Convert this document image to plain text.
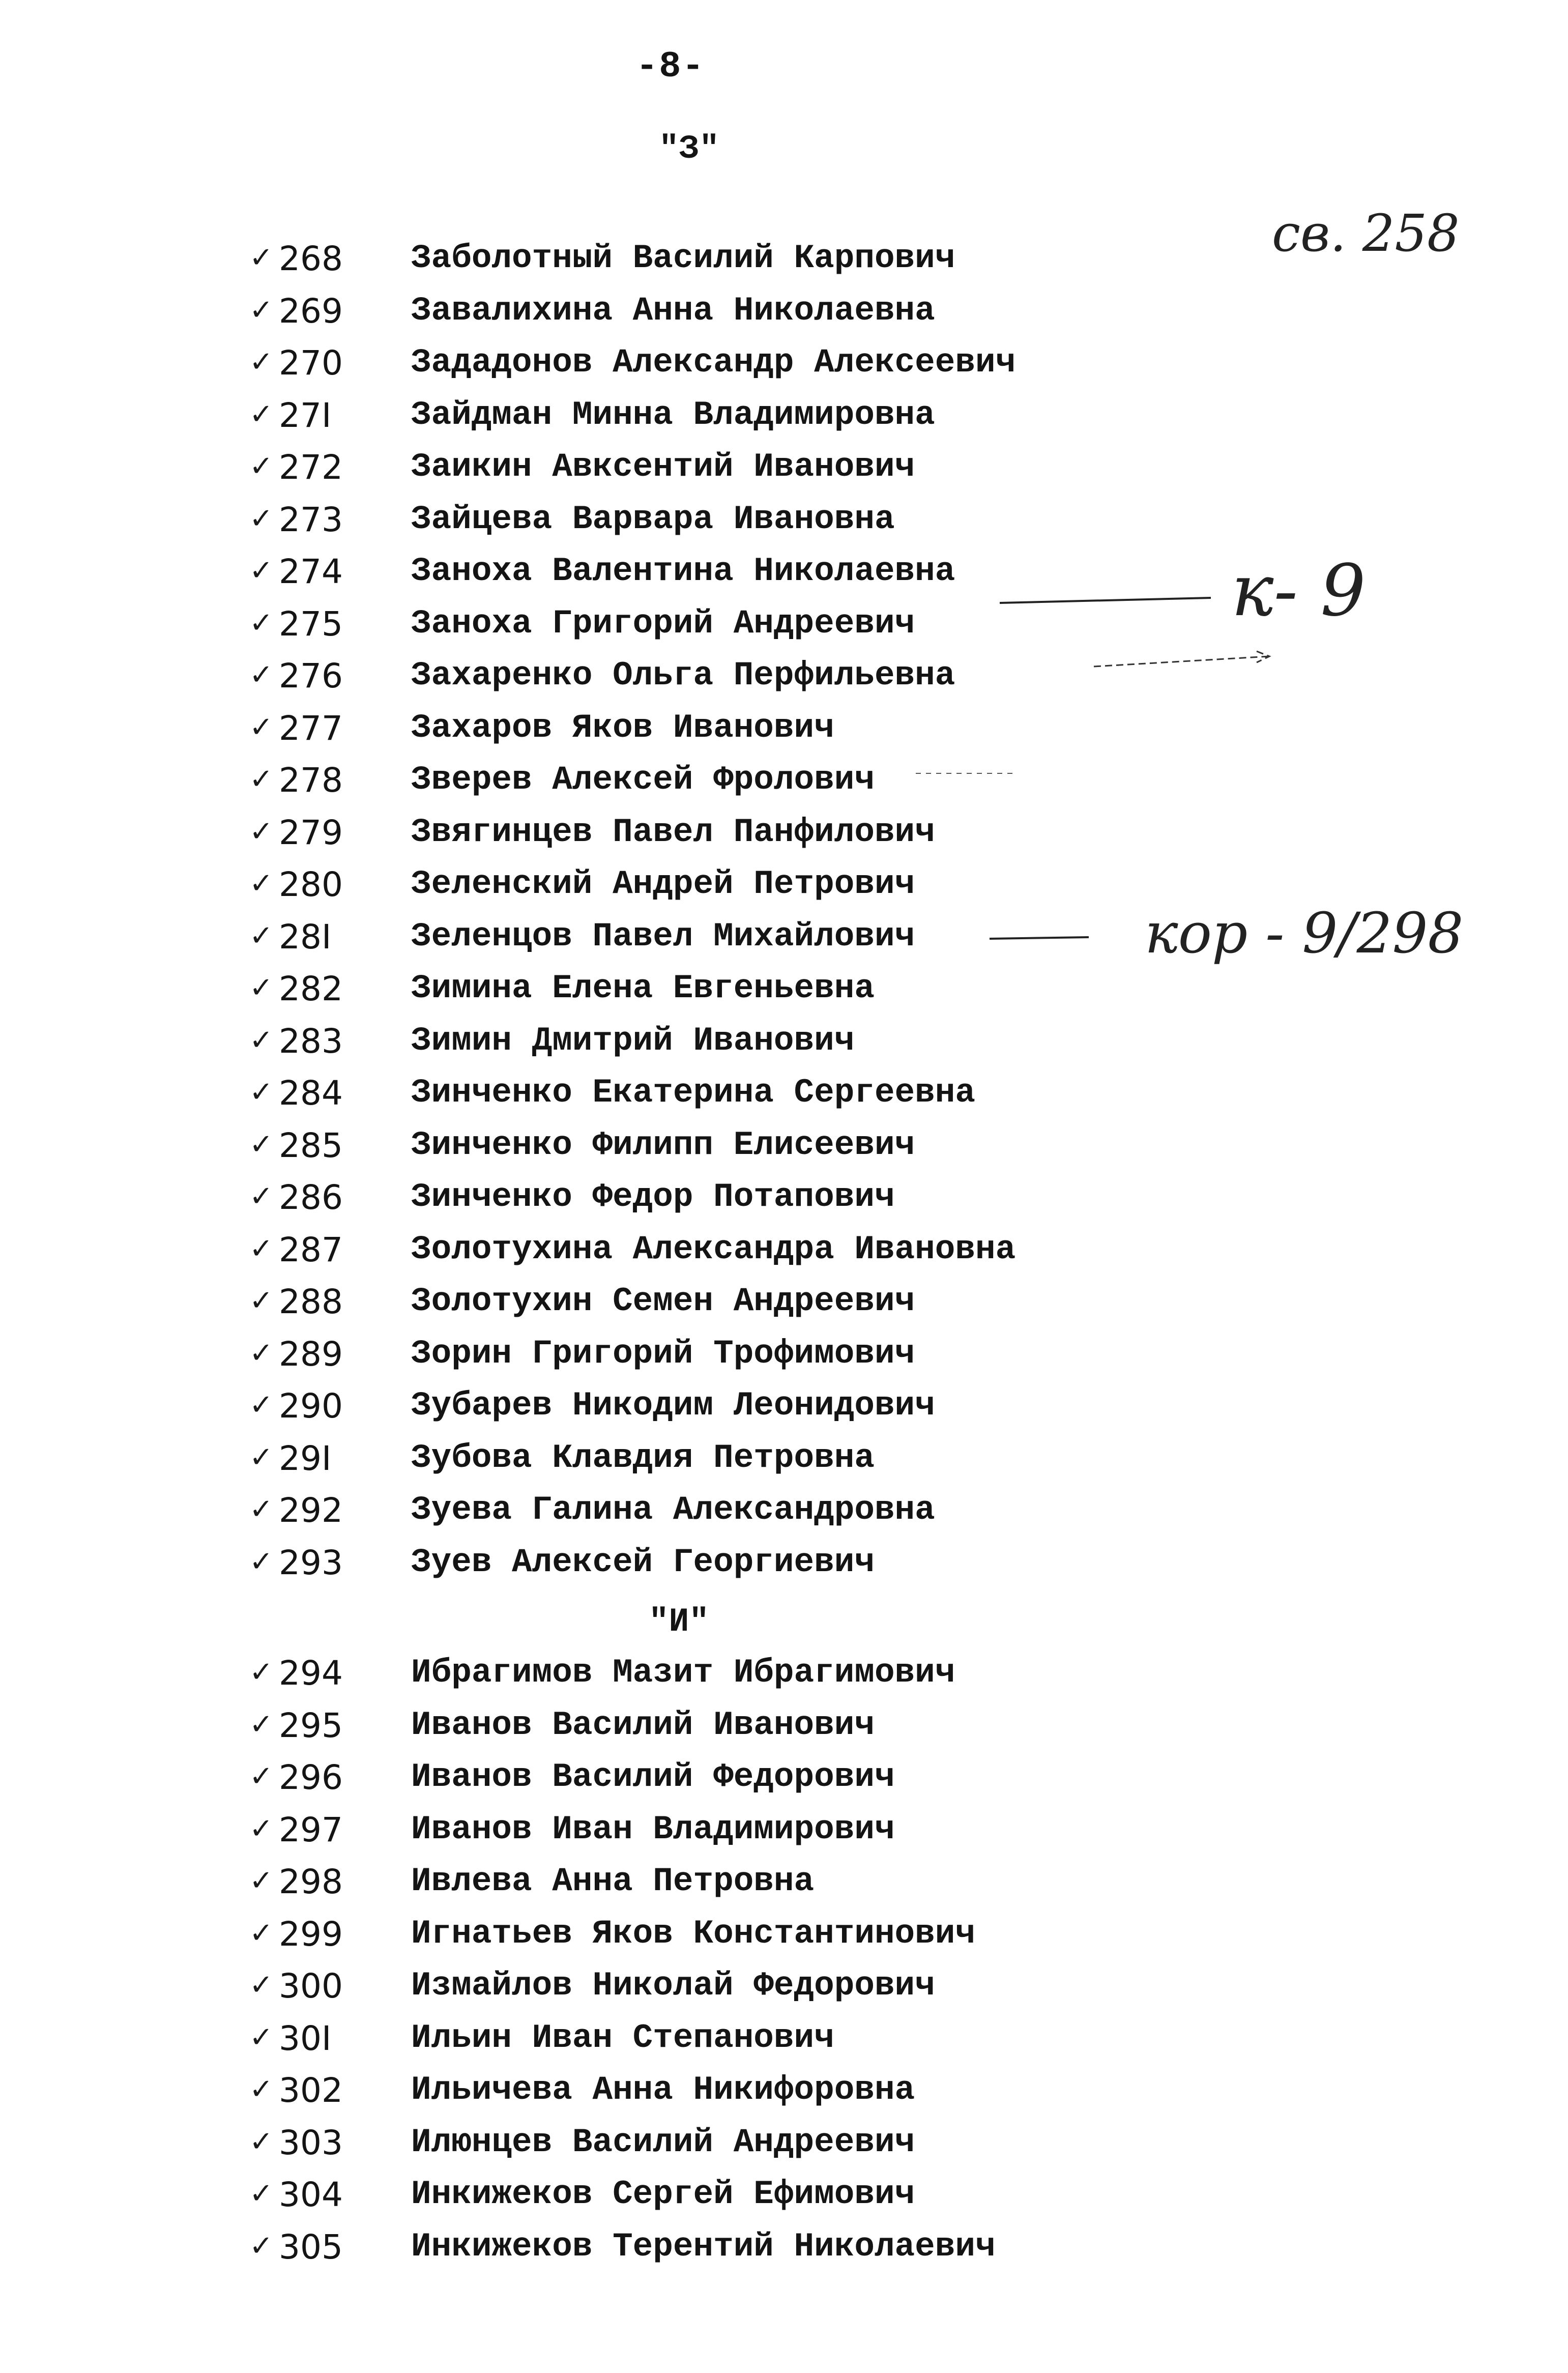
-8-
"З"
"И"
✓ 268 Заболотный Василий Карпович
✓ 269 Завалихина Анна Николаевна
✓ 270 Зададонов Александр Алексеевич
✓ 27I Зайдман Минна Владимировна
✓ 272 Заикин Авксентий Иванович
✓ 273 Зайцева Варвара Ивановна
✓ 274 Заноха Валентина Николаевна
✓ 275 Заноха Григорий Андреевич
✓ 276 Захаренко Ольга Перфильевна
✓ 277 Захаров Яков Иванович
✓ 278 Зверев Алексей Фролович
✓ 279 Звягинцев Павел Панфилович
✓ 280 Зеленский Андрей Петрович
✓ 28I Зеленцов Павел Михайлович
✓ 282 Зимина Елена Евгеньевна
✓ 283 Зимин Дмитрий Иванович
✓ 284 Зинченко Екатерина Сергеевна
✓ 285 Зинченко Филипп Елисеевич
✓ 286 Зинченко Федор Потапович
✓ 287 Золотухина Александра Ивановна
✓ 288 Золотухин Семен Андреевич
✓ 289 Зорин Григорий Трофимович
✓ 290 Зубарев Никодим Леонидович
✓ 29I Зубова Клавдия Петровна
✓ 292 Зуева Галина Александровна
✓ 293 Зуев Алексей Георгиевич
✓ 294 Ибрагимов Мазит Ибрагимович
✓ 295 Иванов Василий Иванович
✓ 296 Иванов Василий Федорович
✓ 297 Иванов Иван Владимирович
✓ 298 Ивлева Анна Петровна
✓ 299 Игнатьев Яков Константинович
✓ 300 Измайлов Николай Федорович
✓ 30I Ильин Иван Степанович
✓ 302 Ильичева Анна Никифоровна
✓ 303 Илюнцев Василий Андреевич
✓ 304 Инкижеков Сергей Ефимович
✓ 305 Инкижеков Терентий Николаевич
св. 258
к- 9
кор - 9/298
